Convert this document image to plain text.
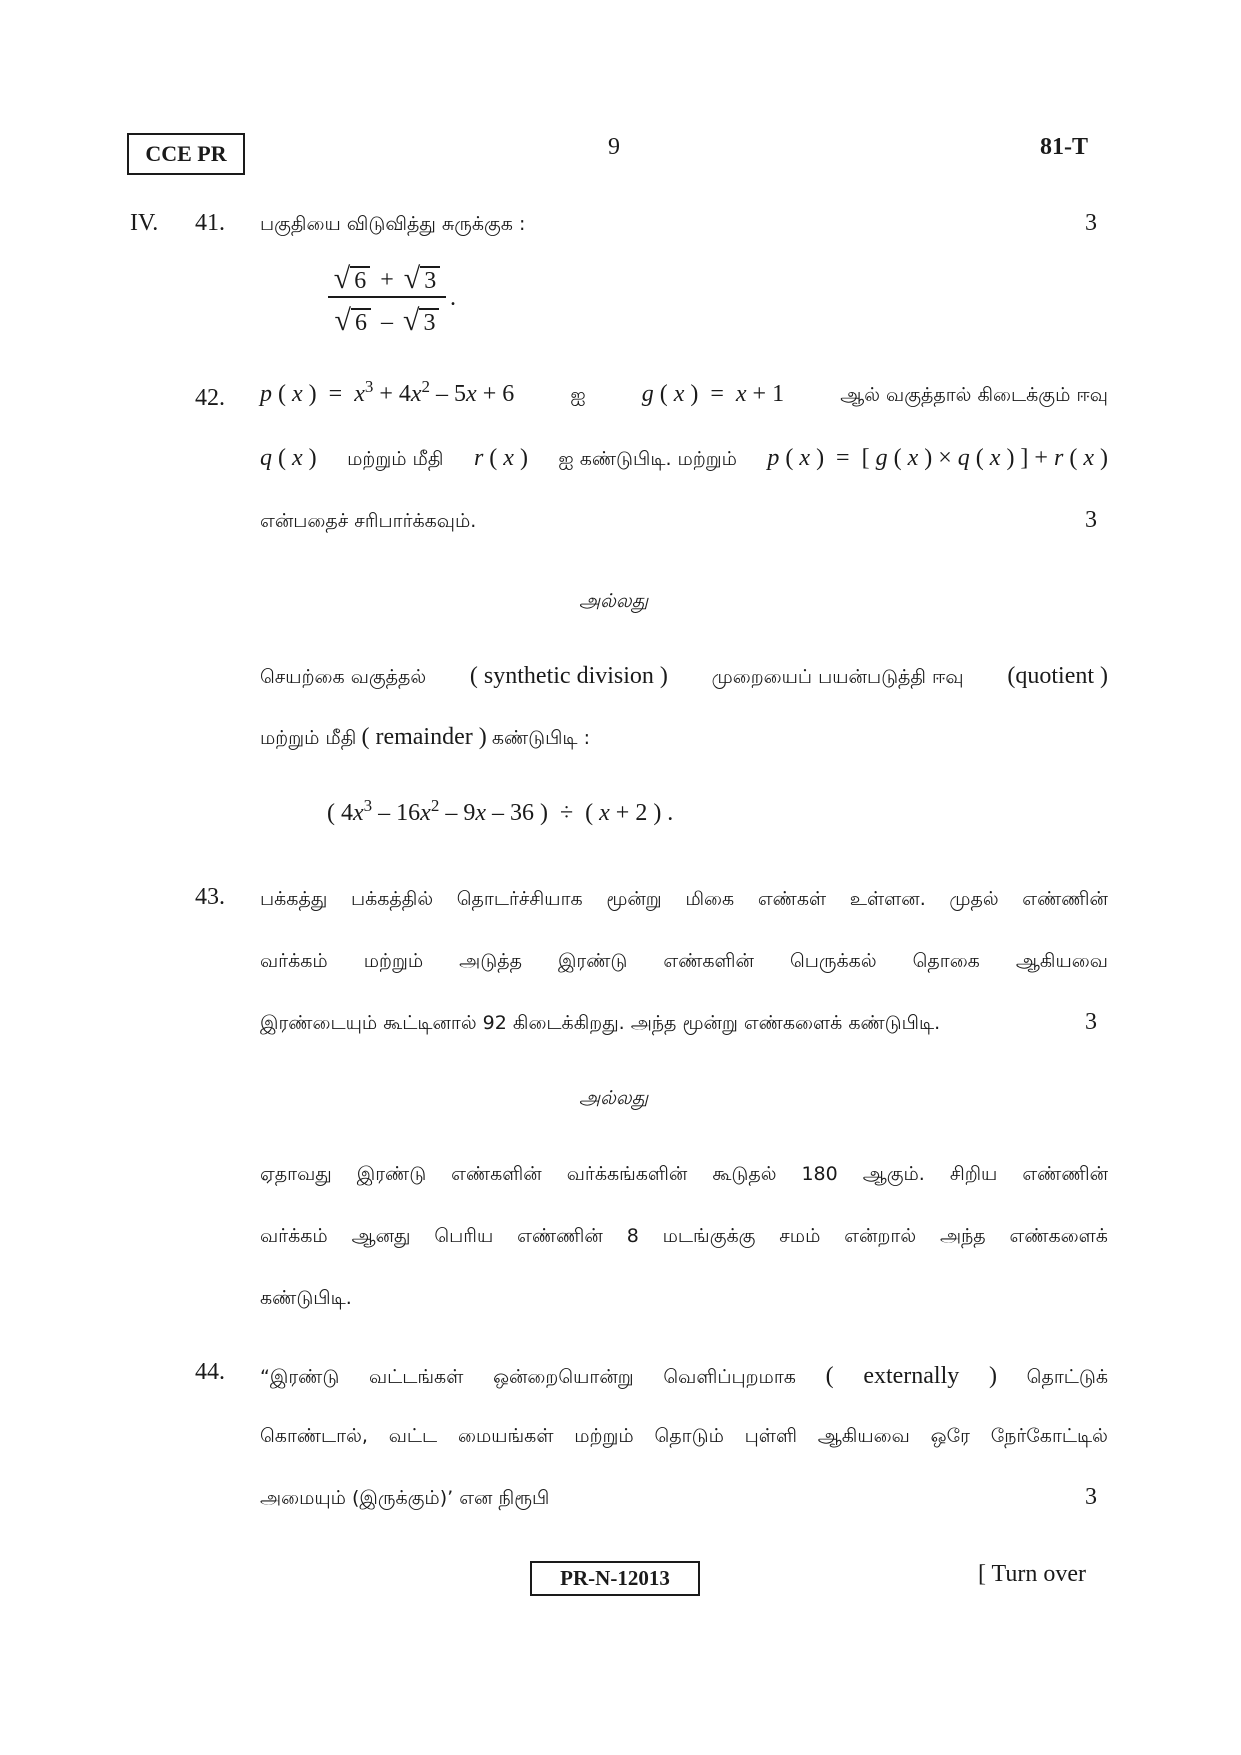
CCE PR	9	81-T
IV. 41. பகுதியை விடுவித்து சுருக்குக :	3
√ 6 + √ 3
√ 6 – √ 3
.
42. p ( x )  =  $x^3 + 4x^2 - 5x + 6$	ஐ g ( x )  =  x + 1	ஆல் வகுத்தால் கிடைக்கும் ஈவு
q ( x ) மற்றும் மீதி r ( x ) ஐ கண்டுபிடி. மற்றும் p ( x )  =  [ g ( x ) × q ( x ) ] + r ( x )
என்பதைச் சரிபார்க்கவும்.	3
அல்லது
செயற்கை வகுத்தல் ( synthetic division ) முறையைப் பயன்படுத்தி ஈவு (quotient )
மற்றும் மீதி ( remainder ) கண்டுபிடி :
( $4x^3 - 16x^2 - 9x - 36$ )  ÷  ( x + 2 ) .
43. பக்கத்து பக்கத்தில் தொடர்ச்சியாக மூன்று மிகை எண்கள் உள்ளன. முதல் எண்ணின்
வர்க்கம் மற்றும் அடுத்த இரண்டு எண்களின் பெருக்கல் தொகை ஆகியவை
இரண்டையும் கூட்டினால் 92 கிடைக்கிறது. அந்த மூன்று எண்களைக் கண்டுபிடி.	3
அல்லது
ஏதாவது இரண்டு எண்களின் வர்க்கங்களின் கூடுதல் 180 ஆகும். சிறிய எண்ணின்
வர்க்கம் ஆனது பெரிய எண்ணின் 8 மடங்குக்கு சமம் என்றால் அந்த எண்களைக்
கண்டுபிடி.
44. “இரண்டு வட்டங்கள் ஒன்றையொன்று வெளிப்புறமாக ( externally ) தொட்டுக்
கொண்டால், வட்ட மையங்கள் மற்றும் தொடும் புள்ளி ஆகியவை ஒரே நேர்கோட்டில்
அமையும் (இருக்கும்)’ என நிரூபி	3
PR-N-12013	[ Turn over
